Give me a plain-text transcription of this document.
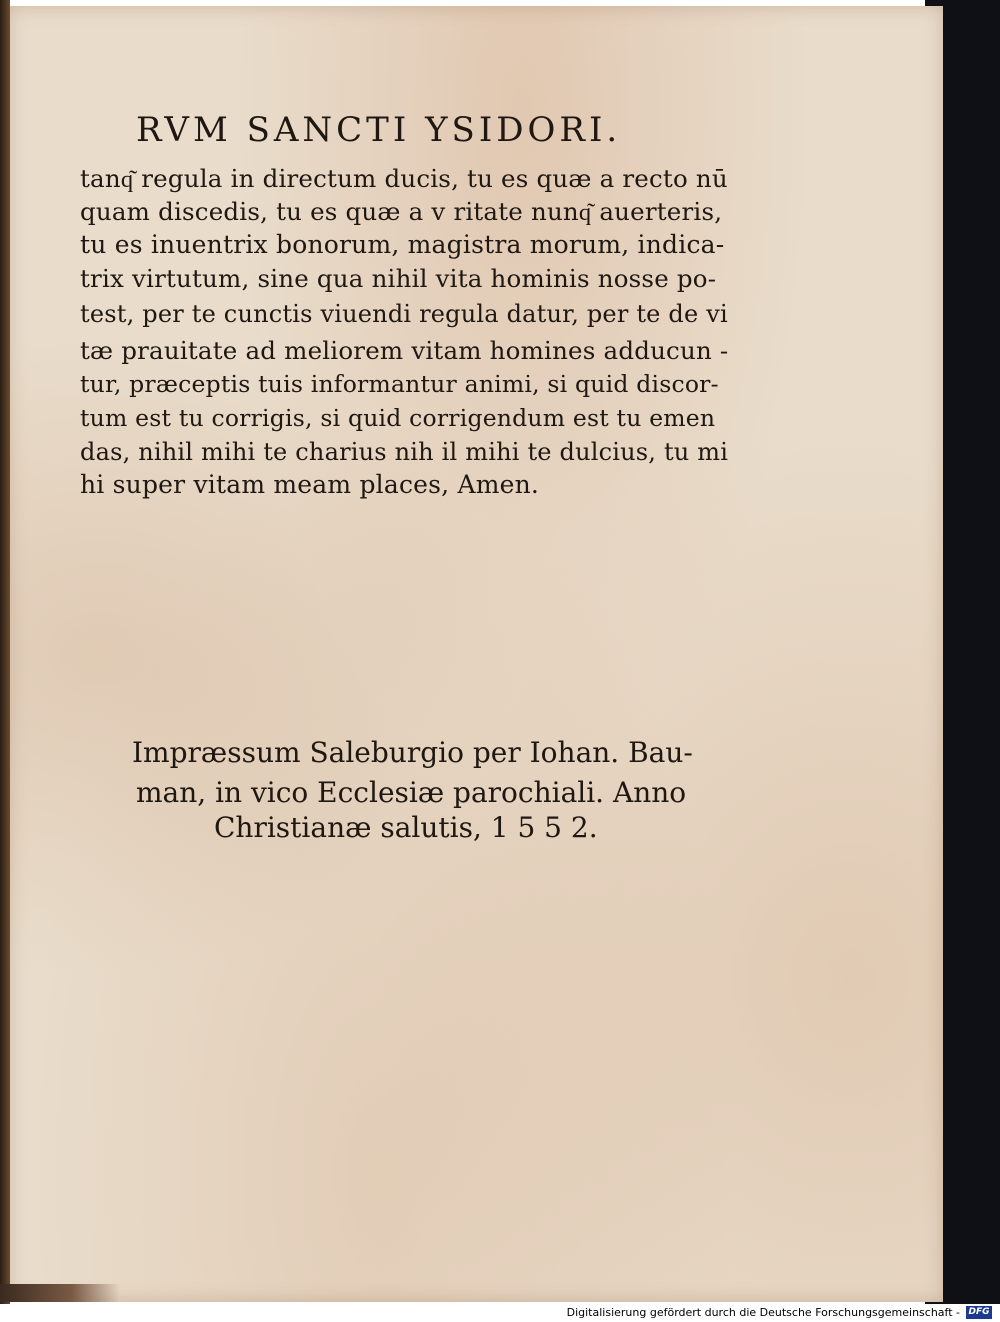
RVM SANCTI YSIDORI.

tanq͂ regula in directum ducis, tu es quæ a recto nū

quam discedis, tu es quæ a v ritate nunq͂ auerteris,

tu es inuentrix bonorum, magistra morum, indica-

trix virtutum, sine qua nihil vita hominis nosse po-

test, per te cunctis viuendi regula datur, per te de vi

tæ prauitate ad meliorem vitam homines adducun -

tur, præceptis tuis informantur animi, si quid discor-

tum est tu corrigis, si quid corrigendum est tu emen

das, nihil mihi te charius nih il mihi te dulcius, tu mi

hi super vitam meam places, Amen.

Impræssum Saleburgio per Iohan. Bau-

man, in vico Ecclesiæ parochiali. Anno

Christianæ salutis, 1 5 5 2.

Digitalisierung gefördert durch die Deutsche Forschungsgemeinschaft - DFG
